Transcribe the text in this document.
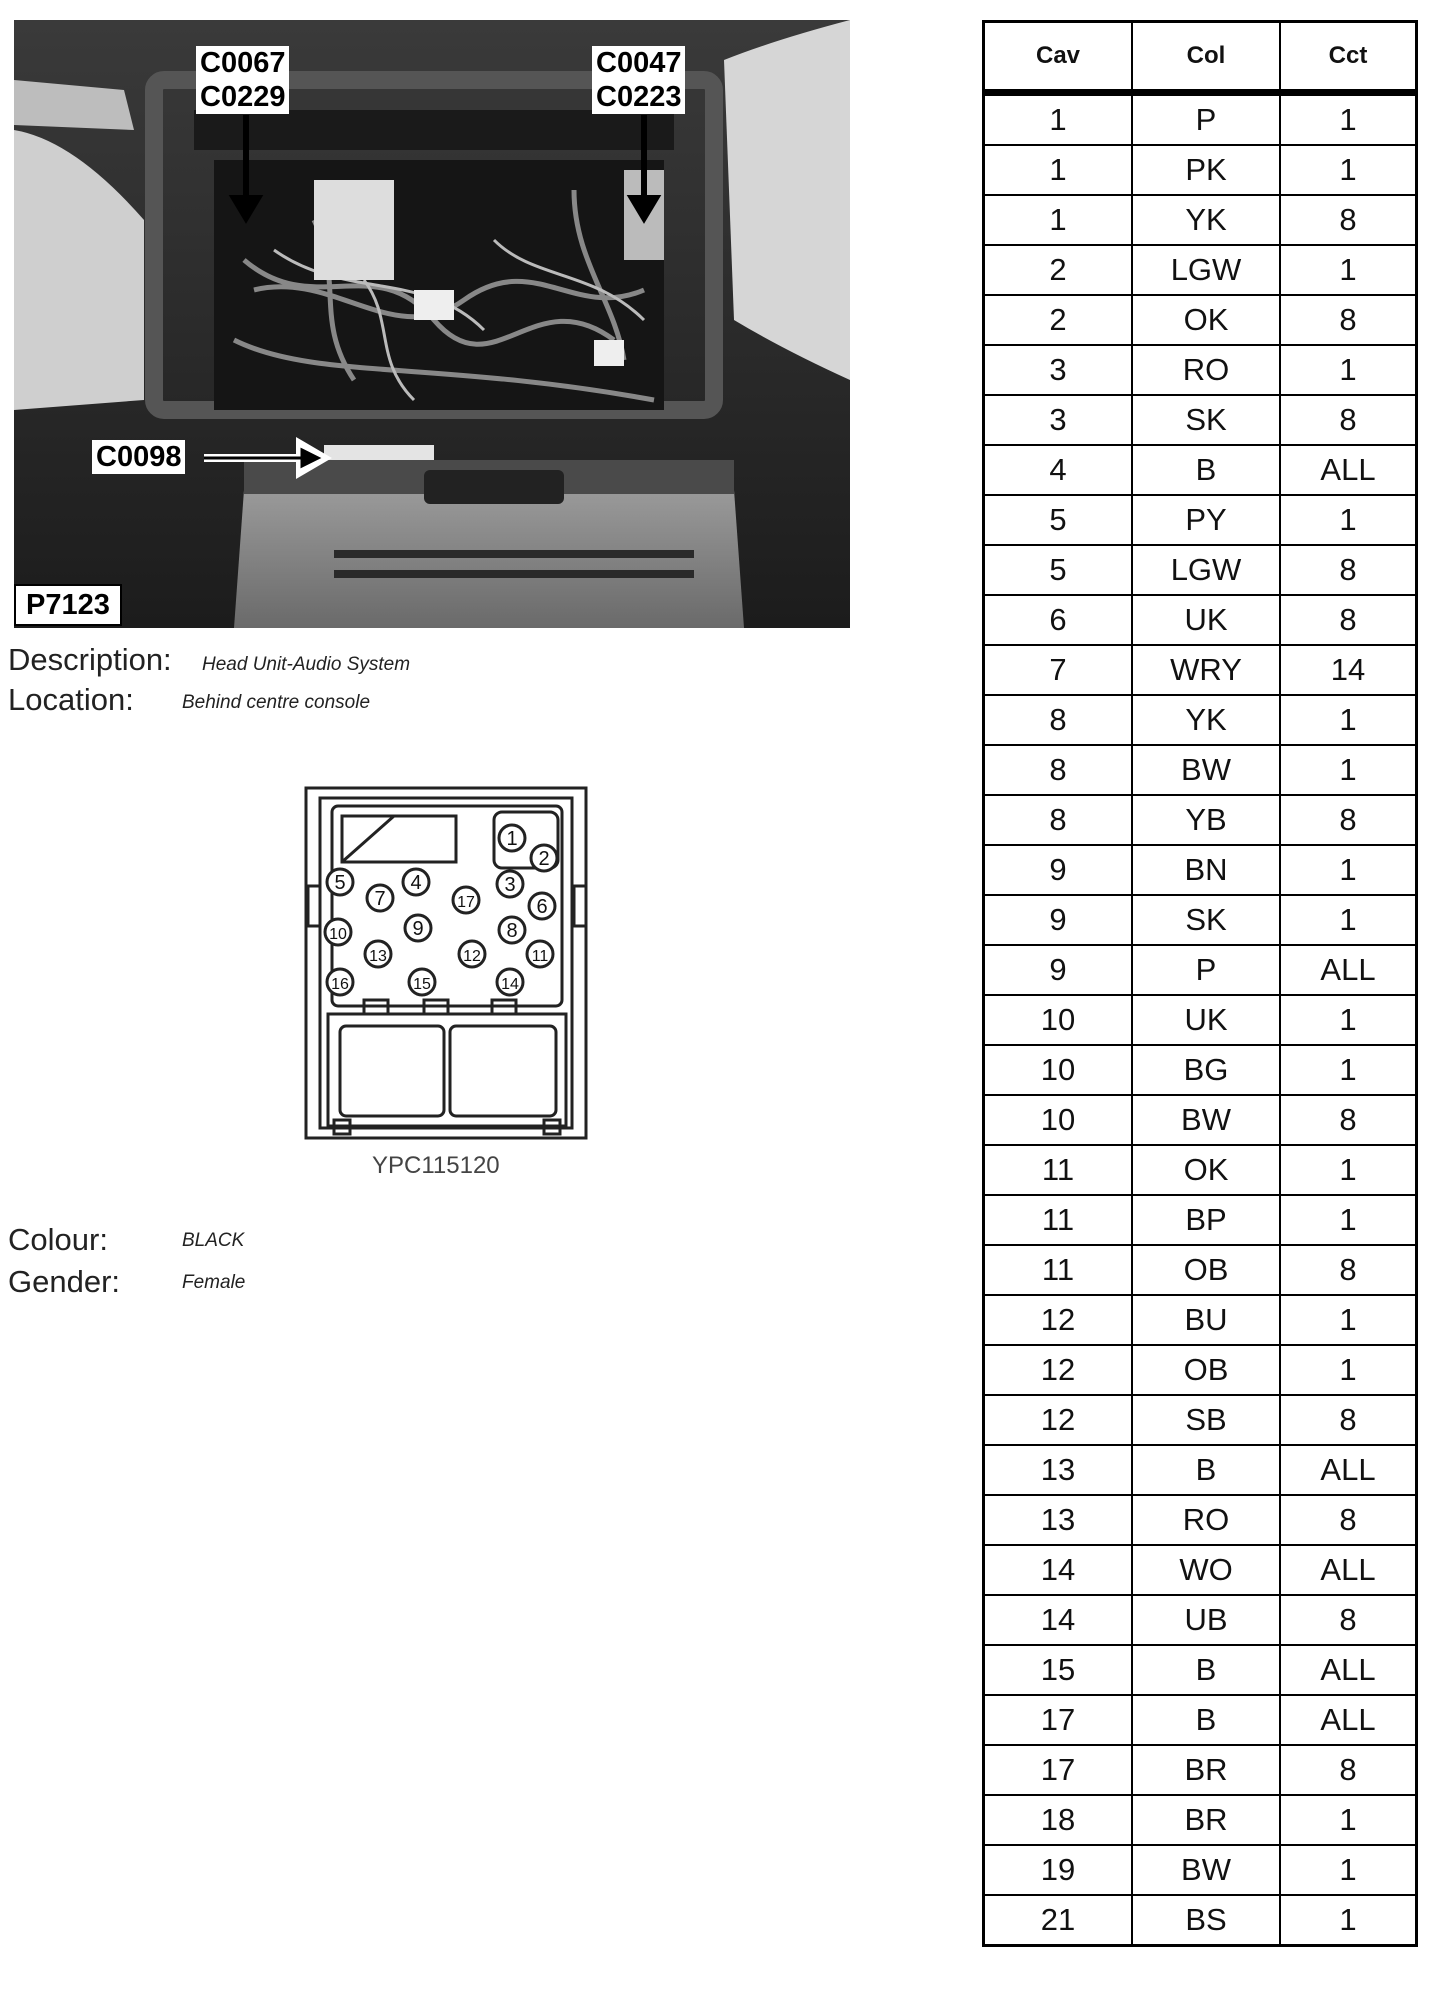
C0067
C0229
C0047
C0223
C0098
P7123
Description: Head Unit-Audio System
Location:	Behind centre console
1
2
3
4
5
6
7
8
9
10
11
12
13
14
15
16
17
YPC115120
Colour:	BLACK
Gender:	Female
Cav	Col	Cct
1	P	1
1	PK	1
1	YK	8
2	LGW	1
2	OK	8
3	RO	1
3	SK	8
4	B	ALL
5	PY	1
5	LGW	8
6	UK	8
7	WRY	14
8	YK	1
8	BW	1
8	YB	8
9	BN	1
9	SK	1
9	P	ALL
10	UK	1
10	BG	1
10	BW	8
11	OK	1
11	BP	1
11	OB	8
12	BU	1
12	OB	1
12	SB	8
13	B	ALL
13	RO	8
14	WO	ALL
14	UB	8
15	B	ALL
17	B	ALL
17	BR	8
18	BR	1
19	BW	1
21	BS	1
